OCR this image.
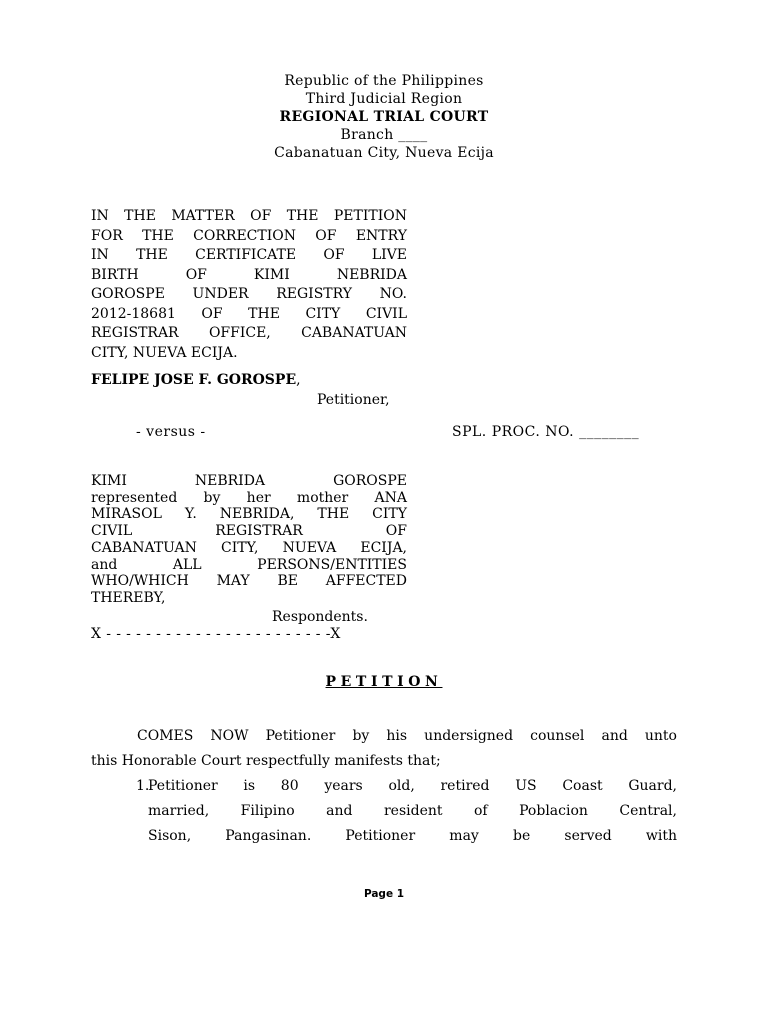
Republic of the Philippines
Third Judicial Region
REGIONAL TRIAL COURT
Branch ____
Cabanatuan City, Nueva Ecija
IN THE MATTER OF THE PETITION
FOR THE CORRECTION OF ENTRY
IN THE CERTIFICATE OF LIVE
BIRTH OF KIMI NEBRIDA
GOROSPE UNDER REGISTRY NO.
2012-18681 OF THE CITY CIVIL
REGISTRAR OFFICE, CABANATUAN
CITY, NUEVA ECIJA.
FELIPE JOSE F. GOROSPE,
Petitioner,
- versus -	SPL. PROC. NO. ________
KIMI NEBRIDA GOROSPE
represented by her mother ANA
MIRASOL Y. NEBRIDA, THE CITY
CIVIL REGISTRAR OF
CABANATUAN CITY, NUEVA ECIJA,
and ALL PERSONS/ENTITIES
WHO/WHICH MAY BE AFFECTED
THEREBY,
Respondents.
X - - - - - - - - - - - - - - - - - - - - - - -X
PETITION

COMES NOW Petitioner by his undersigned counsel and unto

this Honorable Court respectfully manifests that;

1.
Petitioner is 80 years old, retired US Coast Guard,
married, Filipino and resident of Poblacion Central,
Sison, Pangasinan. Petitioner may be served with
Page 1
